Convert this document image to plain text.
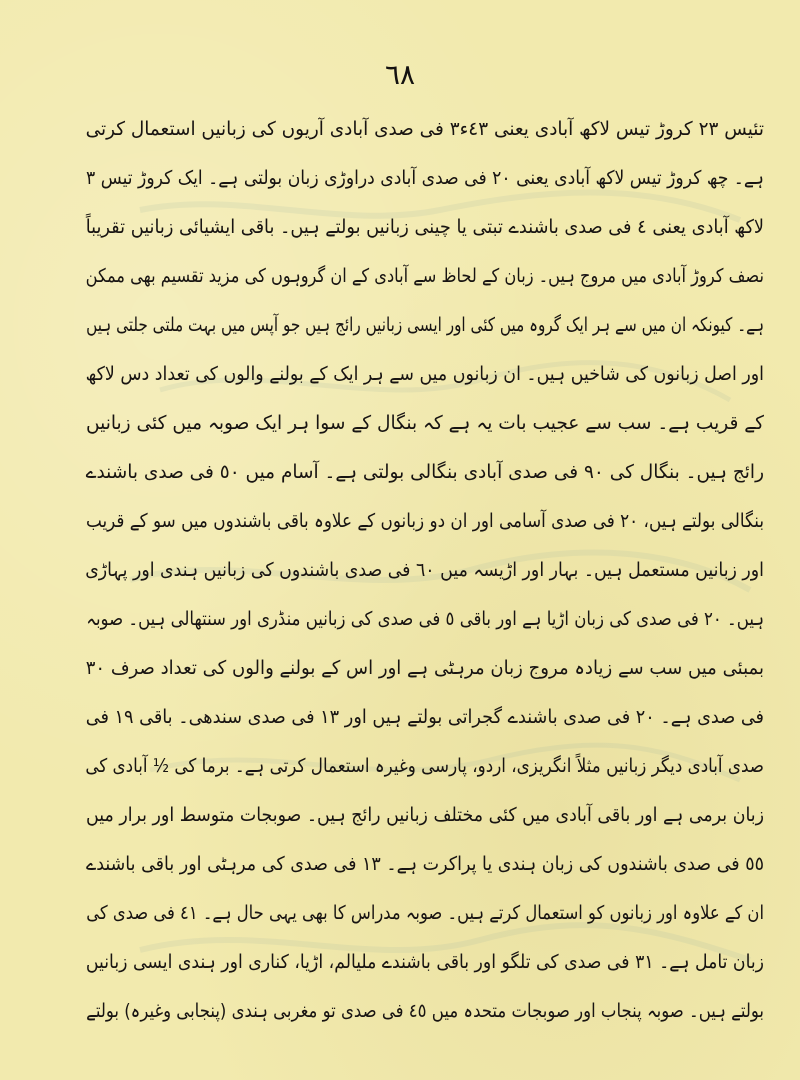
٦٨
تئیس ٢٣ کروڑ تیس لاکھ آبادی یعنی ٤٣ء٣ فی صدی آبادی آریوں کی زبانیں استعمال کرتی
ہے۔ چھ کروڑ تیس لاکھ آبادی یعنی ٢٠ فی صدی آبادی دراوڑی زبان بولتی ہے۔ ایک کروڑ تیس ٣
لاکھ آبادی یعنی ٤ فی صدی باشندے تبتی یا چینی زبانیں بولتے ہیں۔ باقی ایشیائی زبانیں تقریباً
نصف کروڑ آبادی میں مروج ہیں۔ زبان کے لحاظ سے آبادی کے ان گروہوں کی مزید تقسیم بھی ممکن
ہے۔ کیونکہ ان میں سے ہر ایک گروہ میں کئی اور ایسی زبانیں رائج ہیں جو آپس میں بہت ملتی جلتی ہیں
اور اصل زبانوں کی شاخیں ہیں۔ ان زبانوں میں سے ہر ایک کے بولنے والوں کی تعداد دس لاکھ
کے قریب ہے۔ سب سے عجیب بات یہ ہے کہ بنگال کے سوا ہر ایک صوبہ میں کئی زبانیں
رائج ہیں۔ بنگال کی ٩٠ فی صدی آبادی بنگالی بولتی ہے۔ آسام میں ٥٠ فی صدی باشندے
بنگالی بولتے ہیں، ٢٠ فی صدی آسامی اور ان دو زبانوں کے علاوہ باقی باشندوں میں سو کے قریب
اور زبانیں مستعمل ہیں۔ بہار اور اڑیسہ میں ٦٠ فی صدی باشندوں کی زبانیں ہندی اور پہاڑی
ہیں۔ ٢٠ فی صدی کی زبان اڑیا ہے اور باقی ٥ فی صدی کی زبانیں منڈری اور سنتھالی ہیں۔ صوبہ
بمبئی میں سب سے زیادہ مروج زبان مرہٹی ہے اور اس کے بولنے والوں کی تعداد صرف ٣٠
فی صدی ہے۔ ٢٠ فی صدی باشندے گجراتی بولتے ہیں اور ١٣ فی صدی سندھی۔ باقی ١٩ فی
صدی آبادی دیگر زبانیں مثلاً انگریزی، اردو، پارسی وغیرہ استعمال کرتی ہے۔ برما کی ½ آبادی کی
زبان برمی ہے اور باقی آبادی میں کئی مختلف زبانیں رائج ہیں۔ صوبجات متوسط اور برار میں
٥٥ فی صدی باشندوں کی زبان ہندی یا پراکرت ہے۔ ١٣ فی صدی کی مرہٹی اور باقی باشندے
ان کے علاوہ اور زبانوں کو استعمال کرتے ہیں۔ صوبہ مدراس کا بھی یہی حال ہے۔ ٤١ فی صدی کی
زبان تامل ہے۔ ٣١ فی صدی کی تلگو اور باقی باشندے ملیالم، اڑیا، کناری اور ہندی ایسی زبانیں
بولتے ہیں۔ صوبہ پنجاب اور صوبجات متحدہ میں ٤٥ فی صدی تو مغربی ہندی (پنجابی وغیرہ) بولتے
